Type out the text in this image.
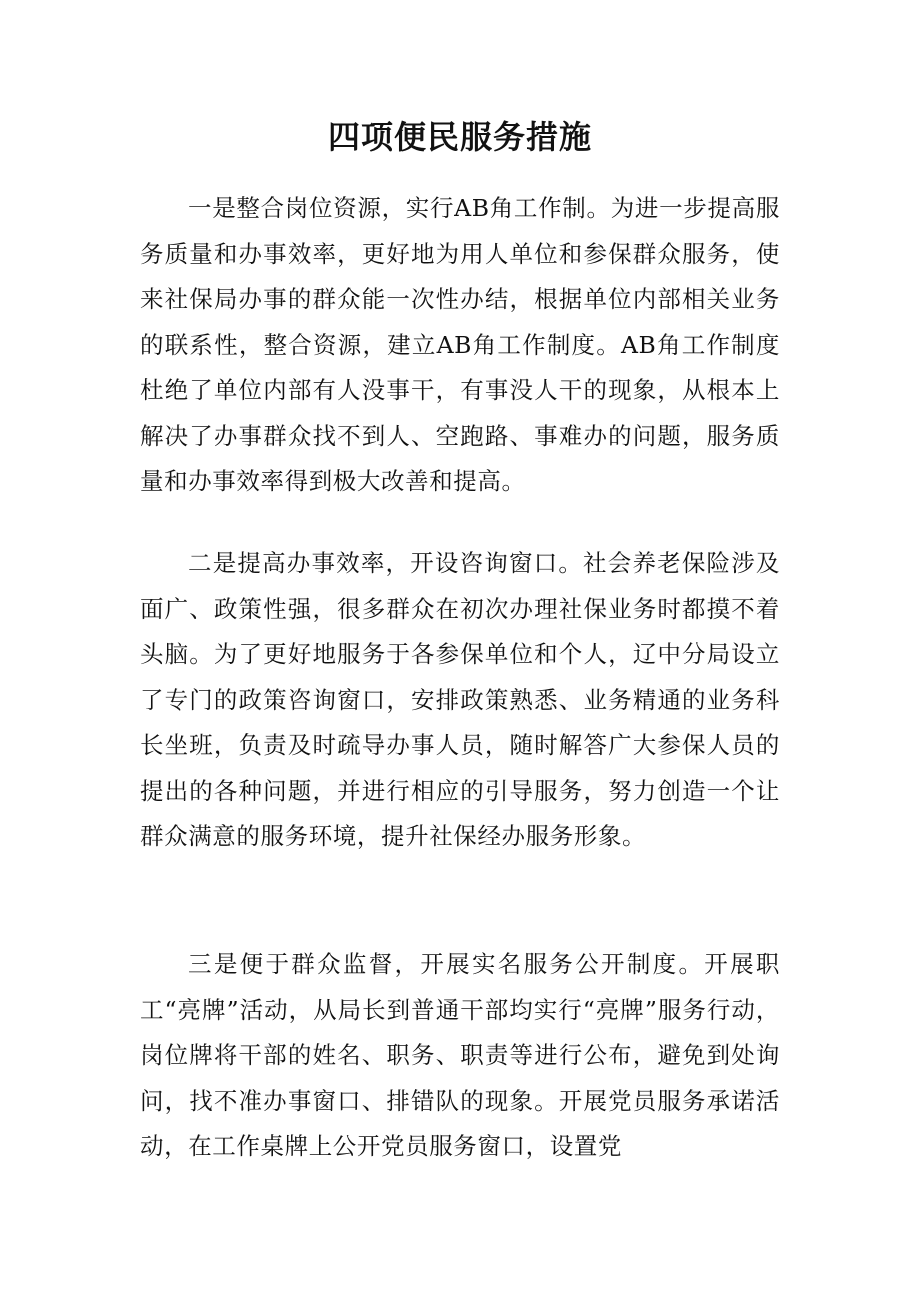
四项便民服务措施

一是整合岗位资源，实行AB角工作制。为进一步提高服务质量和办事效率，更好地为用人单位和参保群众服务，使来社保局办事的群众能一次性办结，根据单位内部相关业务的联系性，整合资源，建立AB角工作制度。AB角工作制度杜绝了单位内部有人没事干，有事没人干的现象，从根本上解决了办事群众找不到人、空跑路、事难办的问题，服务质量和办事效率得到极大改善和提高。

二是提高办事效率，开设咨询窗口。社会养老保险涉及面广、政策性强，很多群众在初次办理社保业务时都摸不着头脑。为了更好地服务于各参保单位和个人，辽中分局设立了专门的政策咨询窗口，安排政策熟悉、业务精通的业务科长坐班，负责及时疏导办事人员，随时解答广大参保人员的提出的各种问题，并进行相应的引导服务，努力创造一个让群众满意的服务环境，提升社保经办服务形象。

三是便于群众监督，开展实名服务公开制度。开展职工“亮牌”活动，从局长到普通干部均实行“亮牌”服务行动，岗位牌将干部的姓名、职务、职责等进行公布，避免到处询问，找不准办事窗口、排错队的现象。开展党员服务承诺活动，在工作桌牌上公开党员服务窗口，设置党
